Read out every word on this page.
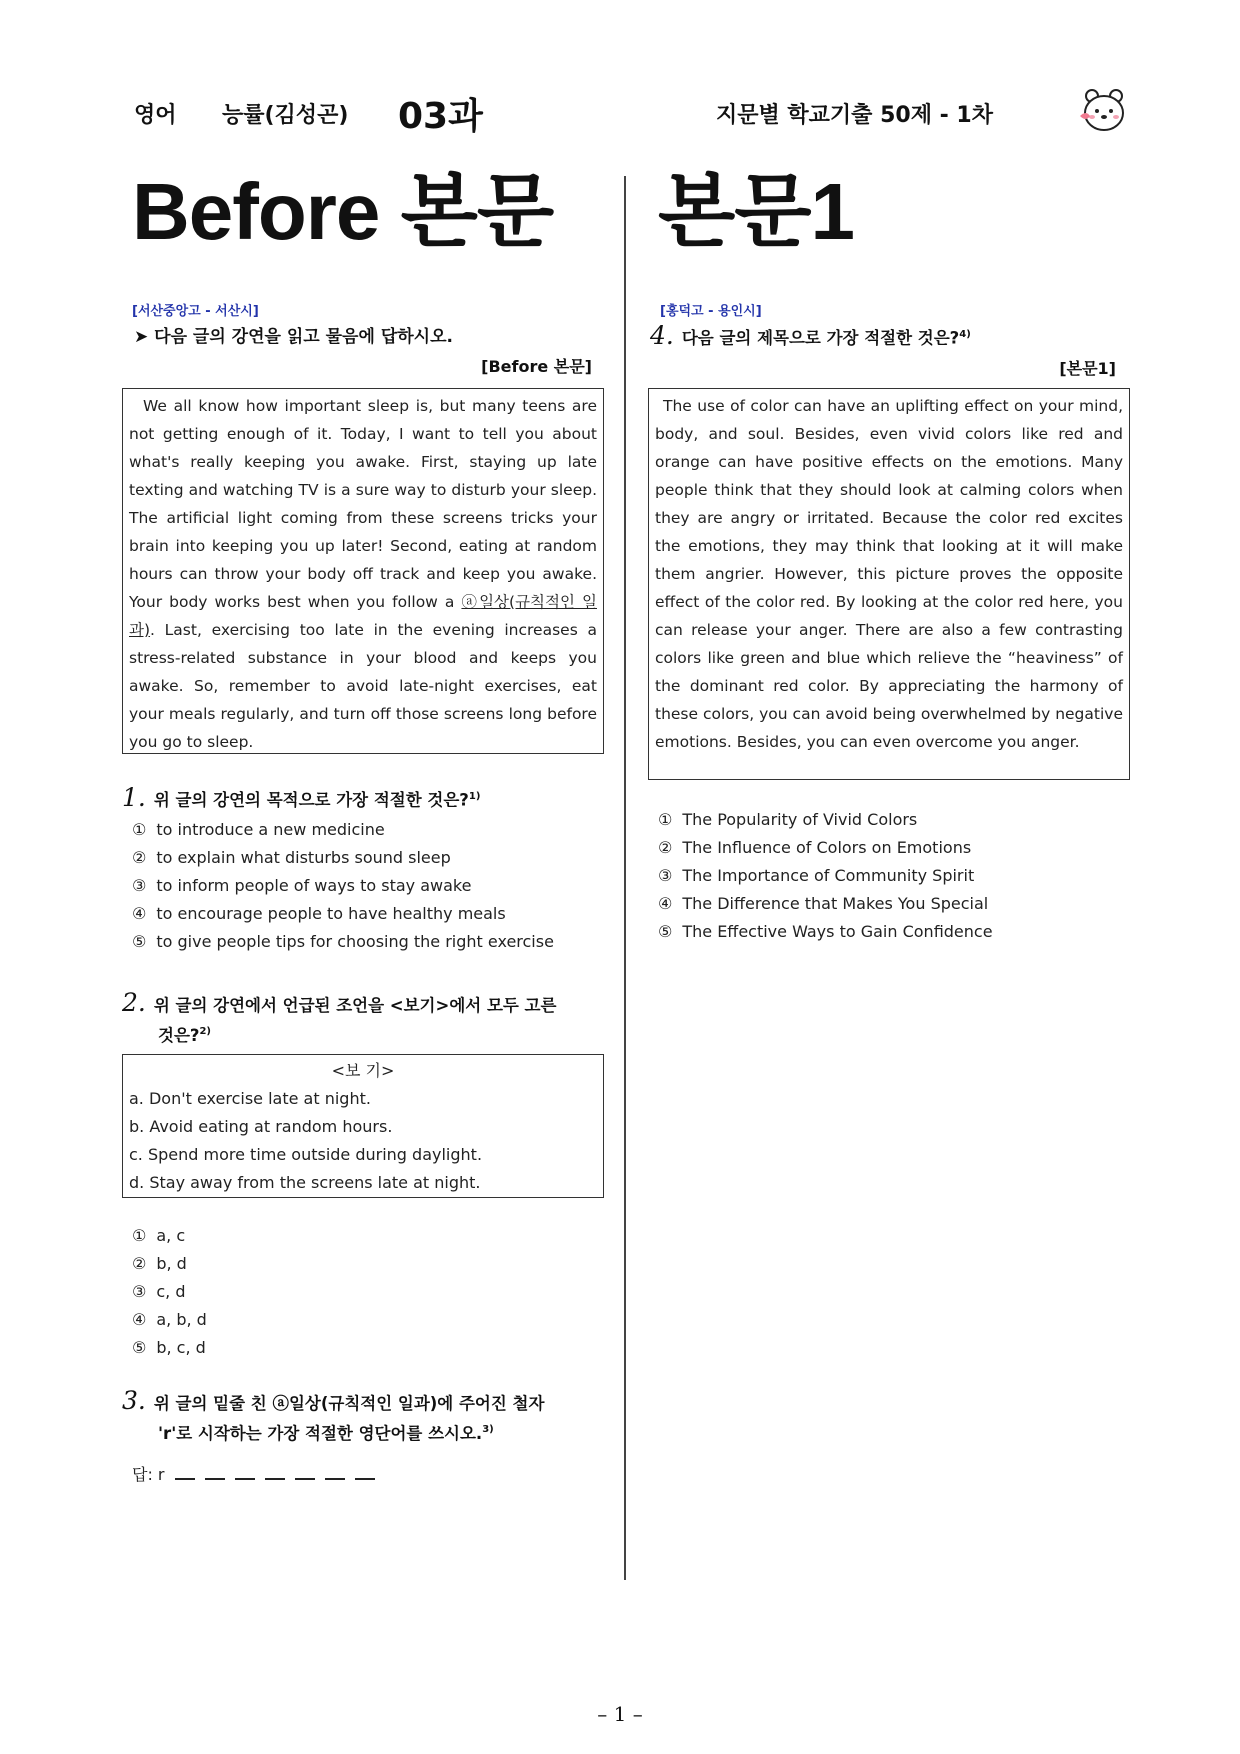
영어 능률(김성곤) 03과	지문별 학교기출 50제 - 1차
Before 본문 본문1
[서산중앙고 - 서산시]
➤ 다음 글의 강연을 읽고 물음에 답하시오.
[Before 본문]

We all know how important sleep is, but many teens are not getting enough of it. Today, I want to tell you about what's really keeping you awake. First, staying up late texting and watching TV is a sure way to disturb your sleep. The artificial light coming from these screens tricks your brain into keeping you up later! Second, eating at random hours can throw your body off track and keep you awake. Your body works best when you follow a ⓐ일상(규칙적인 일과). Last, exercising too late in the evening increases a stress-related substance in your blood and keeps you awake. So, remember to avoid late-night exercises, eat your meals regularly, and turn off those screens long before you go to sleep.

1. 위 글의 강연의 목적으로 가장 적절한 것은?$^{1)}$
① to introduce a new medicine
② to explain what disturbs sound sleep
③ to inform people of ways to stay awake
④ to encourage people to have healthy meals
⑤ to give people tips for choosing the right exercise
2. 위 글의 강연에서 언급된 조언을 <보기>에서 모두 고른
것은?$^{2)}$
<보 기>
a. Don't exercise late at night.
b. Avoid eating at random hours.
c. Spend more time outside during daylight.
d. Stay away from the screens late at night.
① a, c
② b, d
③ c, d
④ a, b, d
⑤ b, c, d
3. 위 글의 밑줄 친 ⓐ일상(규칙적인 일과)에 주어진 철자
'r'로 시작하는 가장 적절한 영단어를 쓰시오.$^{3)}$
답: r
[홍덕고 - 용인시]
4. 다음 글의 제목으로 가장 적절한 것은?$^{4)}$
[본문1]

The use of color can have an uplifting effect on your mind, body, and soul. Besides, even vivid colors like red and orange can have positive effects on the emotions. Many people think that they should look at calming colors when they are angry or irritated. Because the color red excites the emotions, they may think that looking at it will make them angrier. However, this picture proves the opposite effect of the color red. By looking at the color red here, you can release your anger. There are also a few contrasting colors like green and blue which relieve the “heaviness” of the dominant red color. By appreciating the harmony of these colors, you can avoid being overwhelmed by negative emotions. Besides, you can even overcome you anger.

① The Popularity of Vivid Colors
② The Influence of Colors on Emotions
③ The Importance of Community Spirit
④ The Difference that Makes You Special
⑤ The Effective Ways to Gain Confidence
– 1 –
